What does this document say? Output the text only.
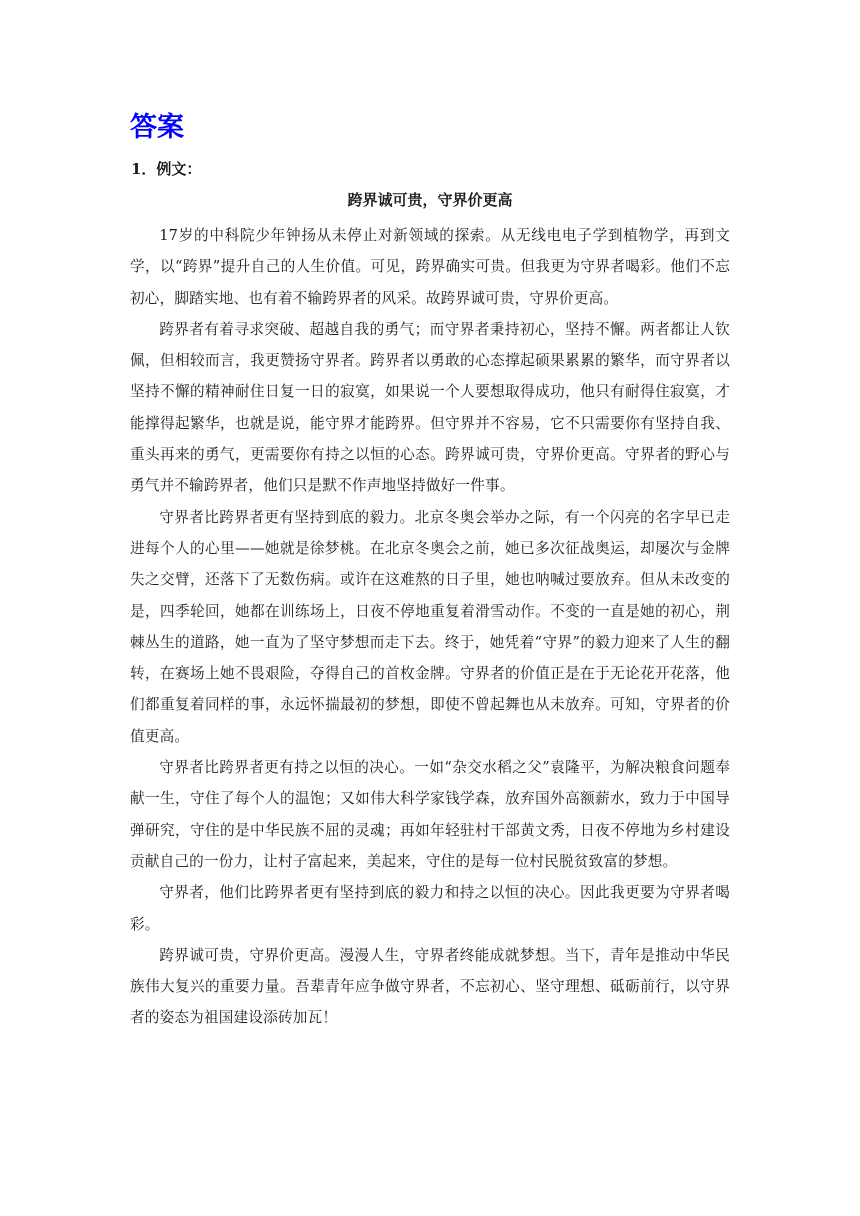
答案

1．例文：

跨界诚可贵，守界价更高

17岁的中科院少年钟扬从未停止对新领域的探索。从无线电电子学到植物学，再到文学，以“跨界”提升自己的人生价值。可见，跨界确实可贵。但我更为守界者喝彩。他们不忘初心，脚踏实地、也有着不输跨界者的风采。故跨界诚可贵，守界价更高。

跨界者有着寻求突破、超越自我的勇气；而守界者秉持初心，坚持不懈。两者都让人钦佩，但相较而言，我更赞扬守界者。跨界者以勇敢的心态撑起硕果累累的繁华，而守界者以坚持不懈的精神耐住日复一日的寂寞，如果说一个人要想取得成功，他只有耐得住寂寞，才能撑得起繁华，也就是说，能守界才能跨界。但守界并不容易，它不只需要你有坚持自我、重头再来的勇气，更需要你有持之以恒的心态。跨界诚可贵，守界价更高。守界者的野心与勇气并不输跨界者，他们只是默不作声地坚持做好一件事。

守界者比跨界者更有坚持到底的毅力。北京冬奥会举办之际，有一个闪亮的名字早已走进每个人的心里——她就是徐梦桃。在北京冬奥会之前，她已多次征战奥运，却屡次与金牌失之交臂，还落下了无数伤病。或许在这难熬的日子里，她也呐喊过要放弃。但从未改变的是，四季轮回，她都在训练场上，日夜不停地重复着滑雪动作。不变的一直是她的初心，荆棘丛生的道路，她一直为了坚守梦想而走下去。终于，她凭着“守界”的毅力迎来了人生的翻转，在赛场上她不畏艰险，夺得自己的首枚金牌。守界者的价值正是在于无论花开花落，他们都重复着同样的事，永远怀揣最初的梦想，即使不曾起舞也从未放弃。可知，守界者的价值更高。

守界者比跨界者更有持之以恒的决心。一如“杂交水稻之父”袁隆平，为解决粮食问题奉献一生，守住了每个人的温饱；又如伟大科学家钱学森，放弃国外高额薪水，致力于中国导弹研究，守住的是中华民族不屈的灵魂；再如年轻驻村干部黄文秀，日夜不停地为乡村建设贡献自己的一份力，让村子富起来，美起来，守住的是每一位村民脱贫致富的梦想。

守界者，他们比跨界者更有坚持到底的毅力和持之以恒的决心。因此我更要为守界者喝彩。

跨界诚可贵，守界价更高。漫漫人生，守界者终能成就梦想。当下，青年是推动中华民族伟大复兴的重要力量。吾辈青年应争做守界者，不忘初心、坚守理想、砥砺前行，以守界者的姿态为祖国建设添砖加瓦！
